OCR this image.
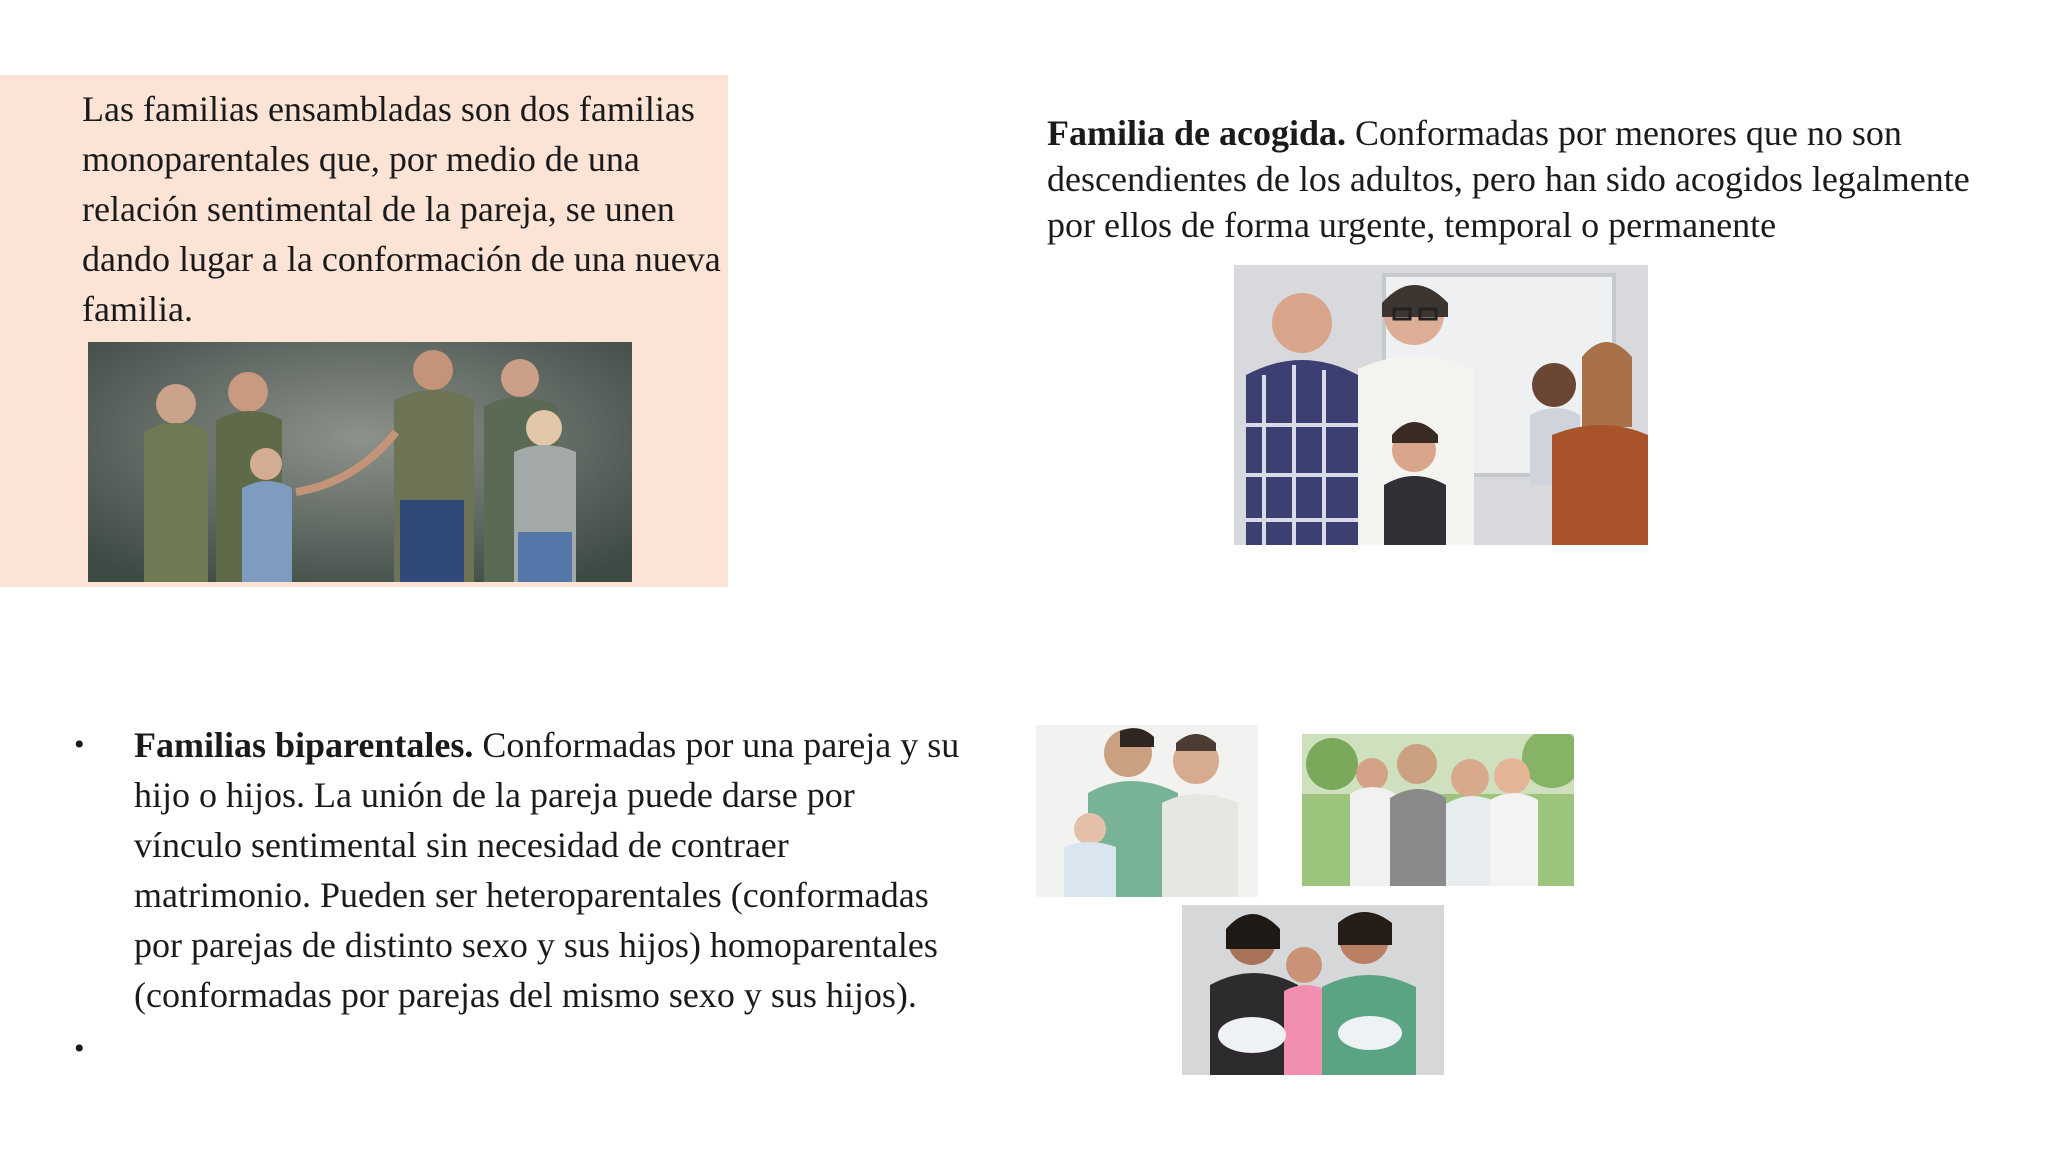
Las familias ensambladas son dos familias monoparentales que, por medio de una relación sentimental de la pareja, se unen dando lugar a la conformación de una nueva familia.
Familia de acogida. Conformadas por menores que no son descendientes de los adultos, pero han sido acogidos legalmente por ellos de forma urgente, temporal o permanente
• Familias biparentales. Conformadas por una pareja y su hijo o hijos. La unión de la pareja puede darse por vínculo sentimental sin necesidad de contraer matrimonio. Pueden ser heteroparentales (conformadas por parejas de distinto sexo y sus hijos) homoparentales (conformadas por parejas del mismo sexo y sus hijos).
•
